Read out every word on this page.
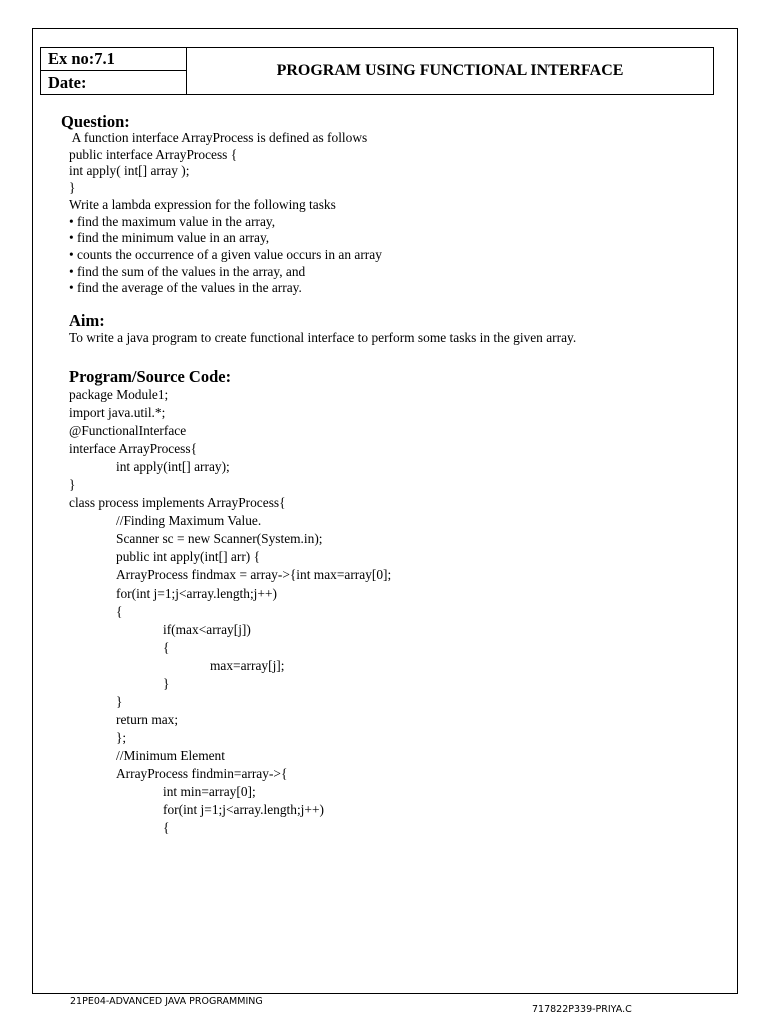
Ex no:7.1
Date:
PROGRAM USING FUNCTIONAL INTERFACE
Question:
A function interface ArrayProcess is defined as follows
public interface ArrayProcess {
int apply( int[] array );
}
Write a lambda expression for the following tasks
• find the maximum value in the array,
• find the minimum value in an array,
• counts the occurrence of a given value occurs in an array
• find the sum of the values in the array, and
• find the average of the values in the array.
Aim:
To write a java program to create functional interface to perform some tasks in the given array.
Program/Source Code:
package Module1;
import java.util.*;
@FunctionalInterface
interface ArrayProcess{
int apply(int[] array);
}
class process implements ArrayProcess{
//Finding Maximum Value.
Scanner sc = new Scanner(System.in);
public int apply(int[] arr) {
ArrayProcess findmax = array->{int max=array[0];
for(int j=1;j<array.length;j++)
{
if(max<array[j])
{
max=array[j];
}
}
return max;
};
//Minimum Element
ArrayProcess findmin=array->{
int min=array[0];
for(int j=1;j<array.length;j++)
{
21PE04-ADVANCED JAVA PROGRAMMING
717822P339-PRIYA.C
